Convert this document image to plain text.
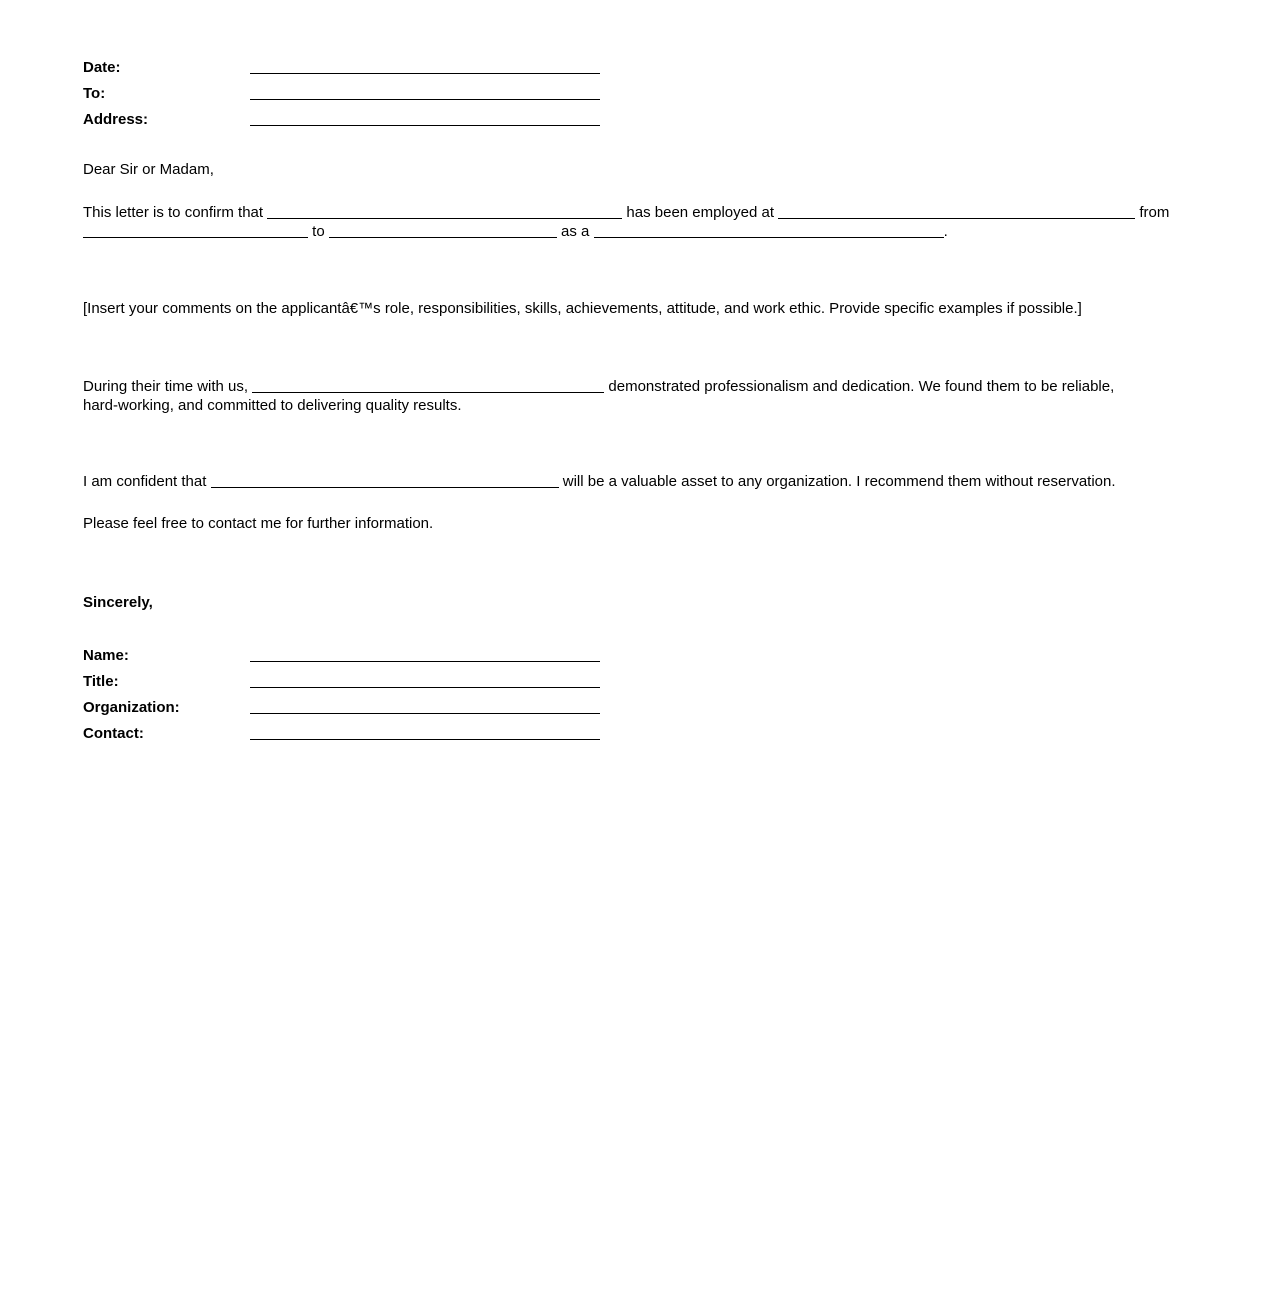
Date:
To:
Address:
Dear Sir or Madam,
This letter is to confirm that	has been employed at	from
to	as a	.
[Insert your comments on the applicantâ€™s role, responsibilities, skills, achievements, attitude, and work ethic. Provide specific examples if possible.]
During their time with us,	demonstrated professionalism and dedication. We found them to be reliable,
hard-working, and committed to delivering quality results.
I am confident that	will be a valuable asset to any organization. I recommend them without reservation.
Please feel free to contact me for further information.
Sincerely,
Name:
Title:
Organization:
Contact:
